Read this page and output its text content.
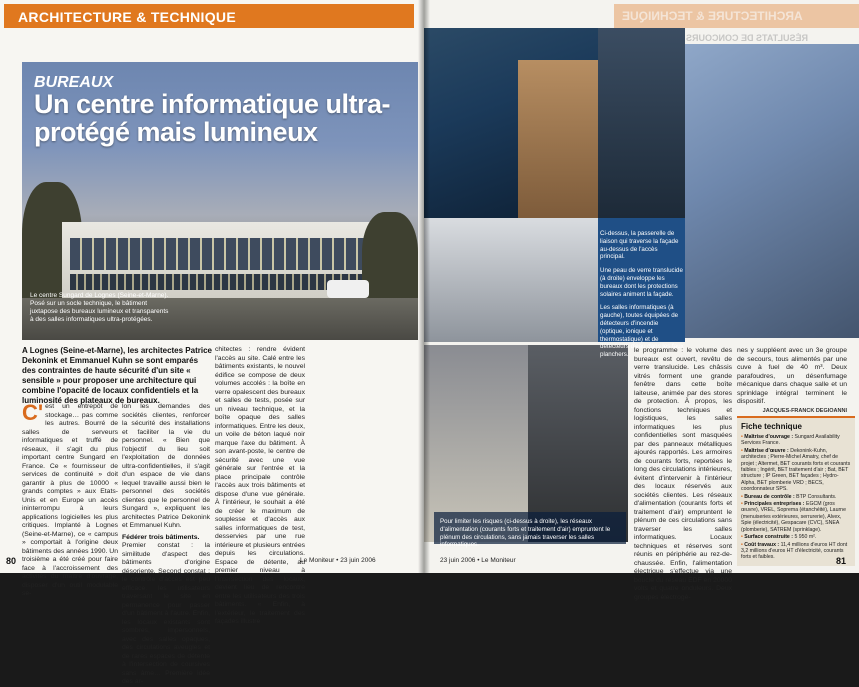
ARCHITECTURE & TECHNIQUE
BUREAUX
Un centre informatique ultra-protégé mais lumineux
Le centre Sungard de Lognes (Seine-et-Marne). Posé sur un socle technique, le bâtiment juxtapose des bureaux lumineux et transparents à des salles informatiques ultra-protégées.
A Lognes (Seine-et-Marne), les architectes Patrice Dekonink et Emmanuel Kuhn se sont emparés des contraintes de haute sécurité d'un site « sensible » pour proposer une architecture qui combine l'opacité de locaux confidentiels et la luminosité des plateaux de bureaux.
C' est un entrepôt de stockage… pas comme les autres. Bourré de salles de serveurs informatiques et truffé de réseaux, il s'agit du plus important centre Sungard en France. Ce « fournisseur de services de continuité » doit garantir à plus de 10000 « grands comptes » aux Etats-Unis et en Europe un accès ininterrompu à leurs applications logicielles les plus critiques. Implanté à Lognes (Seine-et-Marne), ce « campus » comportait à l'origine deux bâtiments des années 1990. Un troisième a été créé pour faire face à l'accroissement des activités du maître d'ouvrage, disposer d'un outil modulable se-
lon les demandes des sociétés clientes, renforcer la sécurité des installations et faciliter la vie du personnel. « Bien que l'objectif du lieu soit l'exploitation de données ultra-confidentielles, il s'agit d'un espace de vie dans lequel travaille aussi bien le personnel des sociétés clientes que le personnel de Sungard », expliquent les architectes Patrice Dekonink et Emmanuel Kuhn.
Fédérer trois bâtiments.
Premier constat : la similitude d'aspect des bâtiments d'origine désoriente. Second constat : le contrôle d'accès est peu efficace. les utilisateurs traversant le site en permanence pour passer d'un bâtiment à l'autre. Enfin, les locaux existants sont sombres, impersonnels, avec des salles opaques, des circulations aveugles et de rares espaces de détente à l'intersection de coursives sans âme… Première idée des ar-
chitectes : rendre évident l'accès au site. Calé entre les bâtiments existants, le nouvel édifice se compose de deux volumes accolés : la boîte en verre opalescent des bureaux et salles de tests, posée sur un niveau technique, et la boîte opaque des salles informatiques. Entre les deux, un voile de béton laqué noir marque l'axe du bâtiment. À son avant-poste, le centre de sécurité avec une vue générale sur l'entrée et la place principale contrôle l'accès aux trois bâtiments et dispose d'une vue générale. À l'intérieur, le souhait a été de créer le maximum de souplesse et d'accès aux salles informatiques de test, desservies par une rue intérieure et plusieurs entrées depuis les circulations. Espace de détente, au premier niveau à l'intersection des locaux, devient lieu de rencontre entre les utilisateurs des trois bâtiments. « Enfin, à l'extérieur, le traitement des façades illustre
80	Le Moniteur • 23 juin 2006
ARCHITECTURE & TECHNIQUE
RÉSULTATS DE CONCOURS

Ci-dessus, la passerelle de liaison qui traverse la façade au-dessus de l'accès principal.

Une peau de verre translucide (à droite) enveloppe les bureaux dont les protections solaires animent la façade.

Les salles informatiques (à gauche), toutes équipées de détecteurs d'incendie (optique, ionique et thermostatique) et de détecteurs d'eau dans les faux planchers.

Pour limiter les risques (ci-dessus à droite), les réseaux d'alimentation (courants forts et traitement d'air) empruntent le plénum des circulations, sans jamais traverser les salles informatiques.
le programme : le volume des bureaux est ouvert, revêtu de verre translucide. Les châssis vitrés forment une grande fenêtre dans cette boîte laiteuse, animée par des stores de protection. À propos, les fonctions techniques et logistiques, les salles informatiques les plus confidentielles sont masquées par des panneaux métalliques ajourés rapportés. Les armoires de courants forts, reportées le long des circulations intérieures, évitent d'intervenir à l'intérieur des locaux réservés aux sociétés clientes. Les réseaux d'alimentation (courants forts et traitement d'air) empruntent le plénum de ces circulations sans traverser les salles informatiques. Locaux techniques et réserves sont réunis en périphérie au rez-de-chaussée. Enfin, l'alimentation électrique s'effectue via une boucle du réseau EDF en 20000 volts et quatre onduleurs. Deux groupes électrogè-
nes y suppléent avec un 3e groupe de secours, tous alimentés par une cuve à fuel de 40 m³. Deux parafoudres, un désenfumage mécanique dans chaque salle et un sprinklage intégral terminent le dispositif.
JACQUES-FRANCK DEGIOANNI
Fiche technique
• Maîtrise d'ouvrage : Sungard Availability Services France.
• Maîtrise d'œuvre : Dekonink-Kuhn, architectes ; Pierre-Michel Amatry, chef de projet ; Altermet, BET courants forts et courants faibles ; Ingérit, BET traitement d'air ; Bat, BET structure ; IP Green, BET façades ; Hydro-Alpha, BET plomberie VRD ; BECS, coordonnateur SPS.
• Bureau de contrôle : BTP Consultants.
• Principales entreprises : EGCM (gros œuvre), VREL, Soprema (étanchéité), Laurne (menuiseries extérieures, serrurerie), Alvex, Spie (électricité), Gespacare (CVC), SNEA (plomberie), SATREM (sprinklage).
• Surface construite : 5 950 m².
• Coût travaux : 11,4 millions d'euros HT dont 3,2 millions d'euros HT d'électricité, courants forts et faibles.
23 juin 2006 • Le Moniteur	81
